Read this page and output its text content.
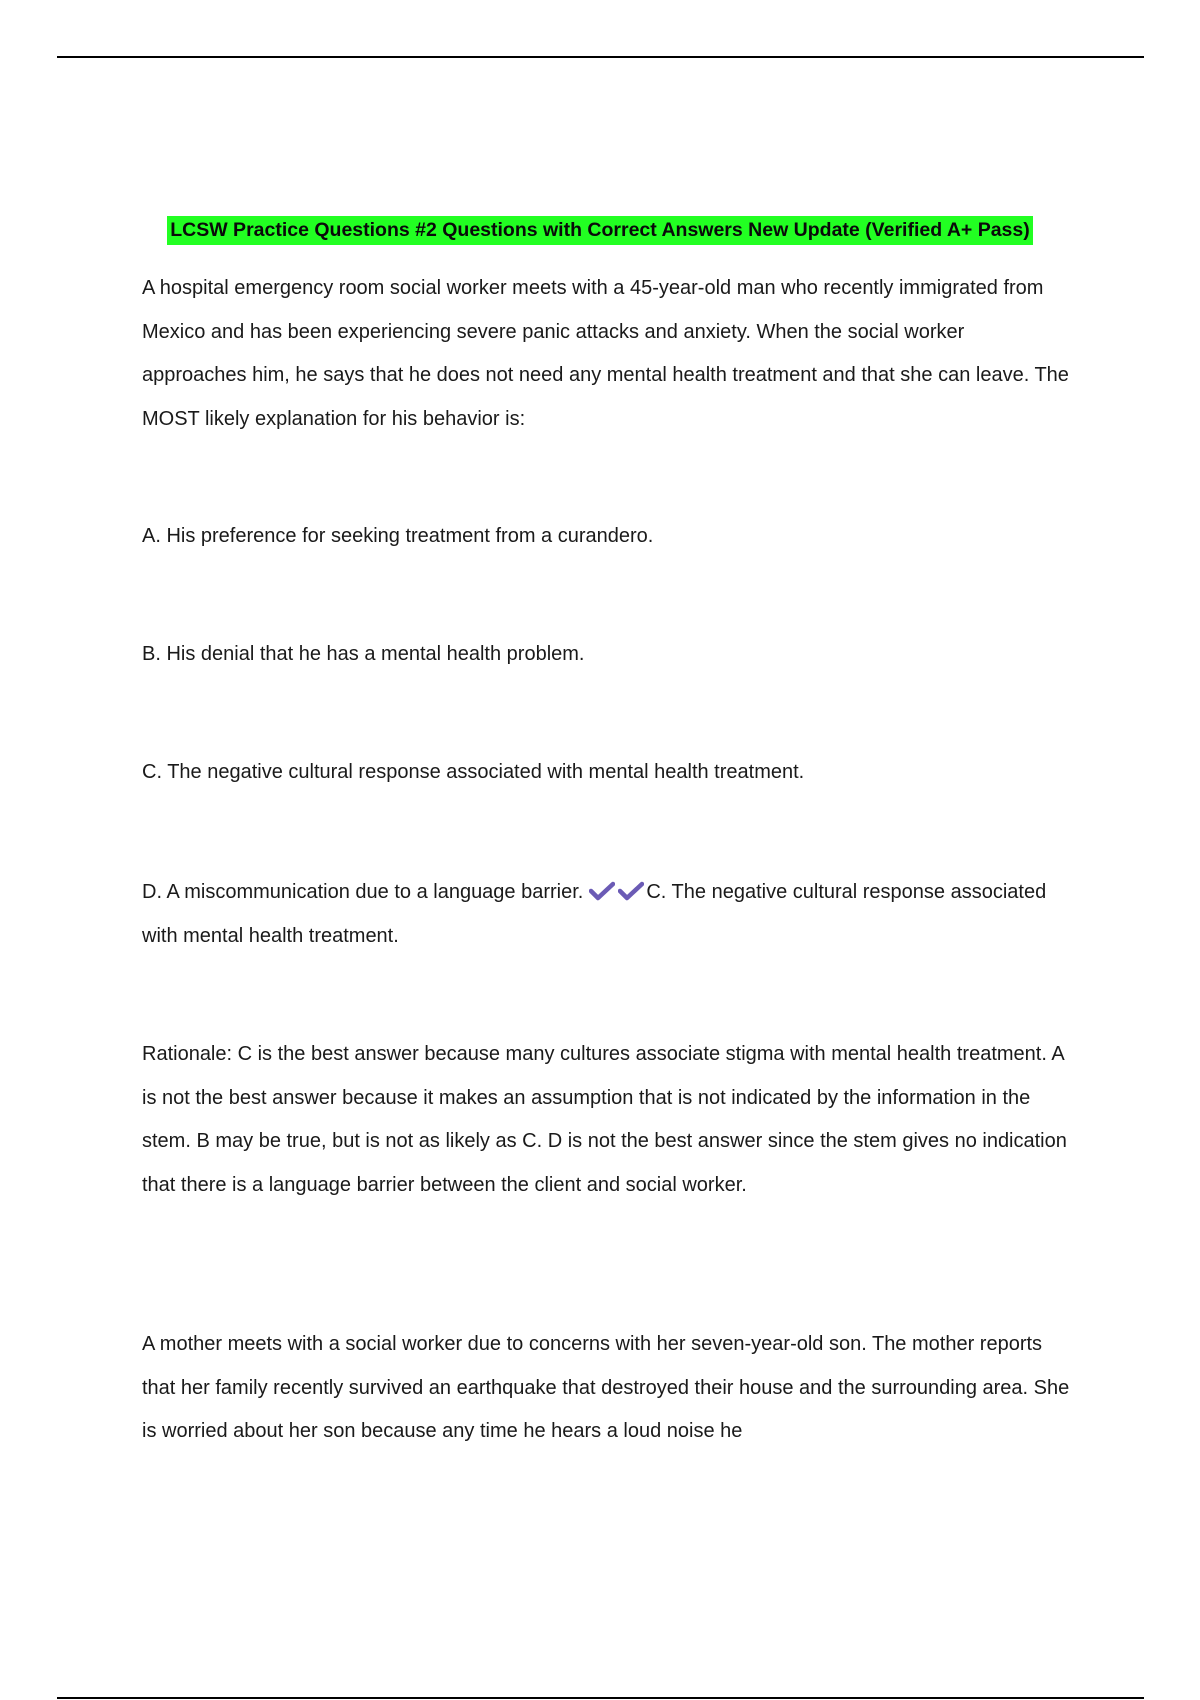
LCSW Practice Questions #2 Questions with Correct Answers New Update (Verified A+ Pass)
A hospital emergency room social worker meets with a 45-year-old man who recently immigrated from Mexico and has been experiencing severe panic attacks and anxiety. When the social worker approaches him, he says that he does not need any mental health treatment and that she can leave. The MOST likely explanation for his behavior is:
A. His preference for seeking treatment from a curandero.
B. His denial that he has a mental health problem.
C. The negative cultural response associated with mental health treatment.
D. A miscommunication due to a language barrier.	C. The negative cultural response associated with mental health treatment.
Rationale: C is the best answer because many cultures associate stigma with mental health treatment. A is not the best answer because it makes an assumption that is not indicated by the information in the stem. B may be true, but is not as likely as C. D is not the best answer since the stem gives no indication that there is a language barrier between the client and social worker.
A mother meets with a social worker due to concerns with her seven-year-old son. The mother reports that her family recently survived an earthquake that destroyed their house and the surrounding area. She is worried about her son because any time he hears a loud noise he
